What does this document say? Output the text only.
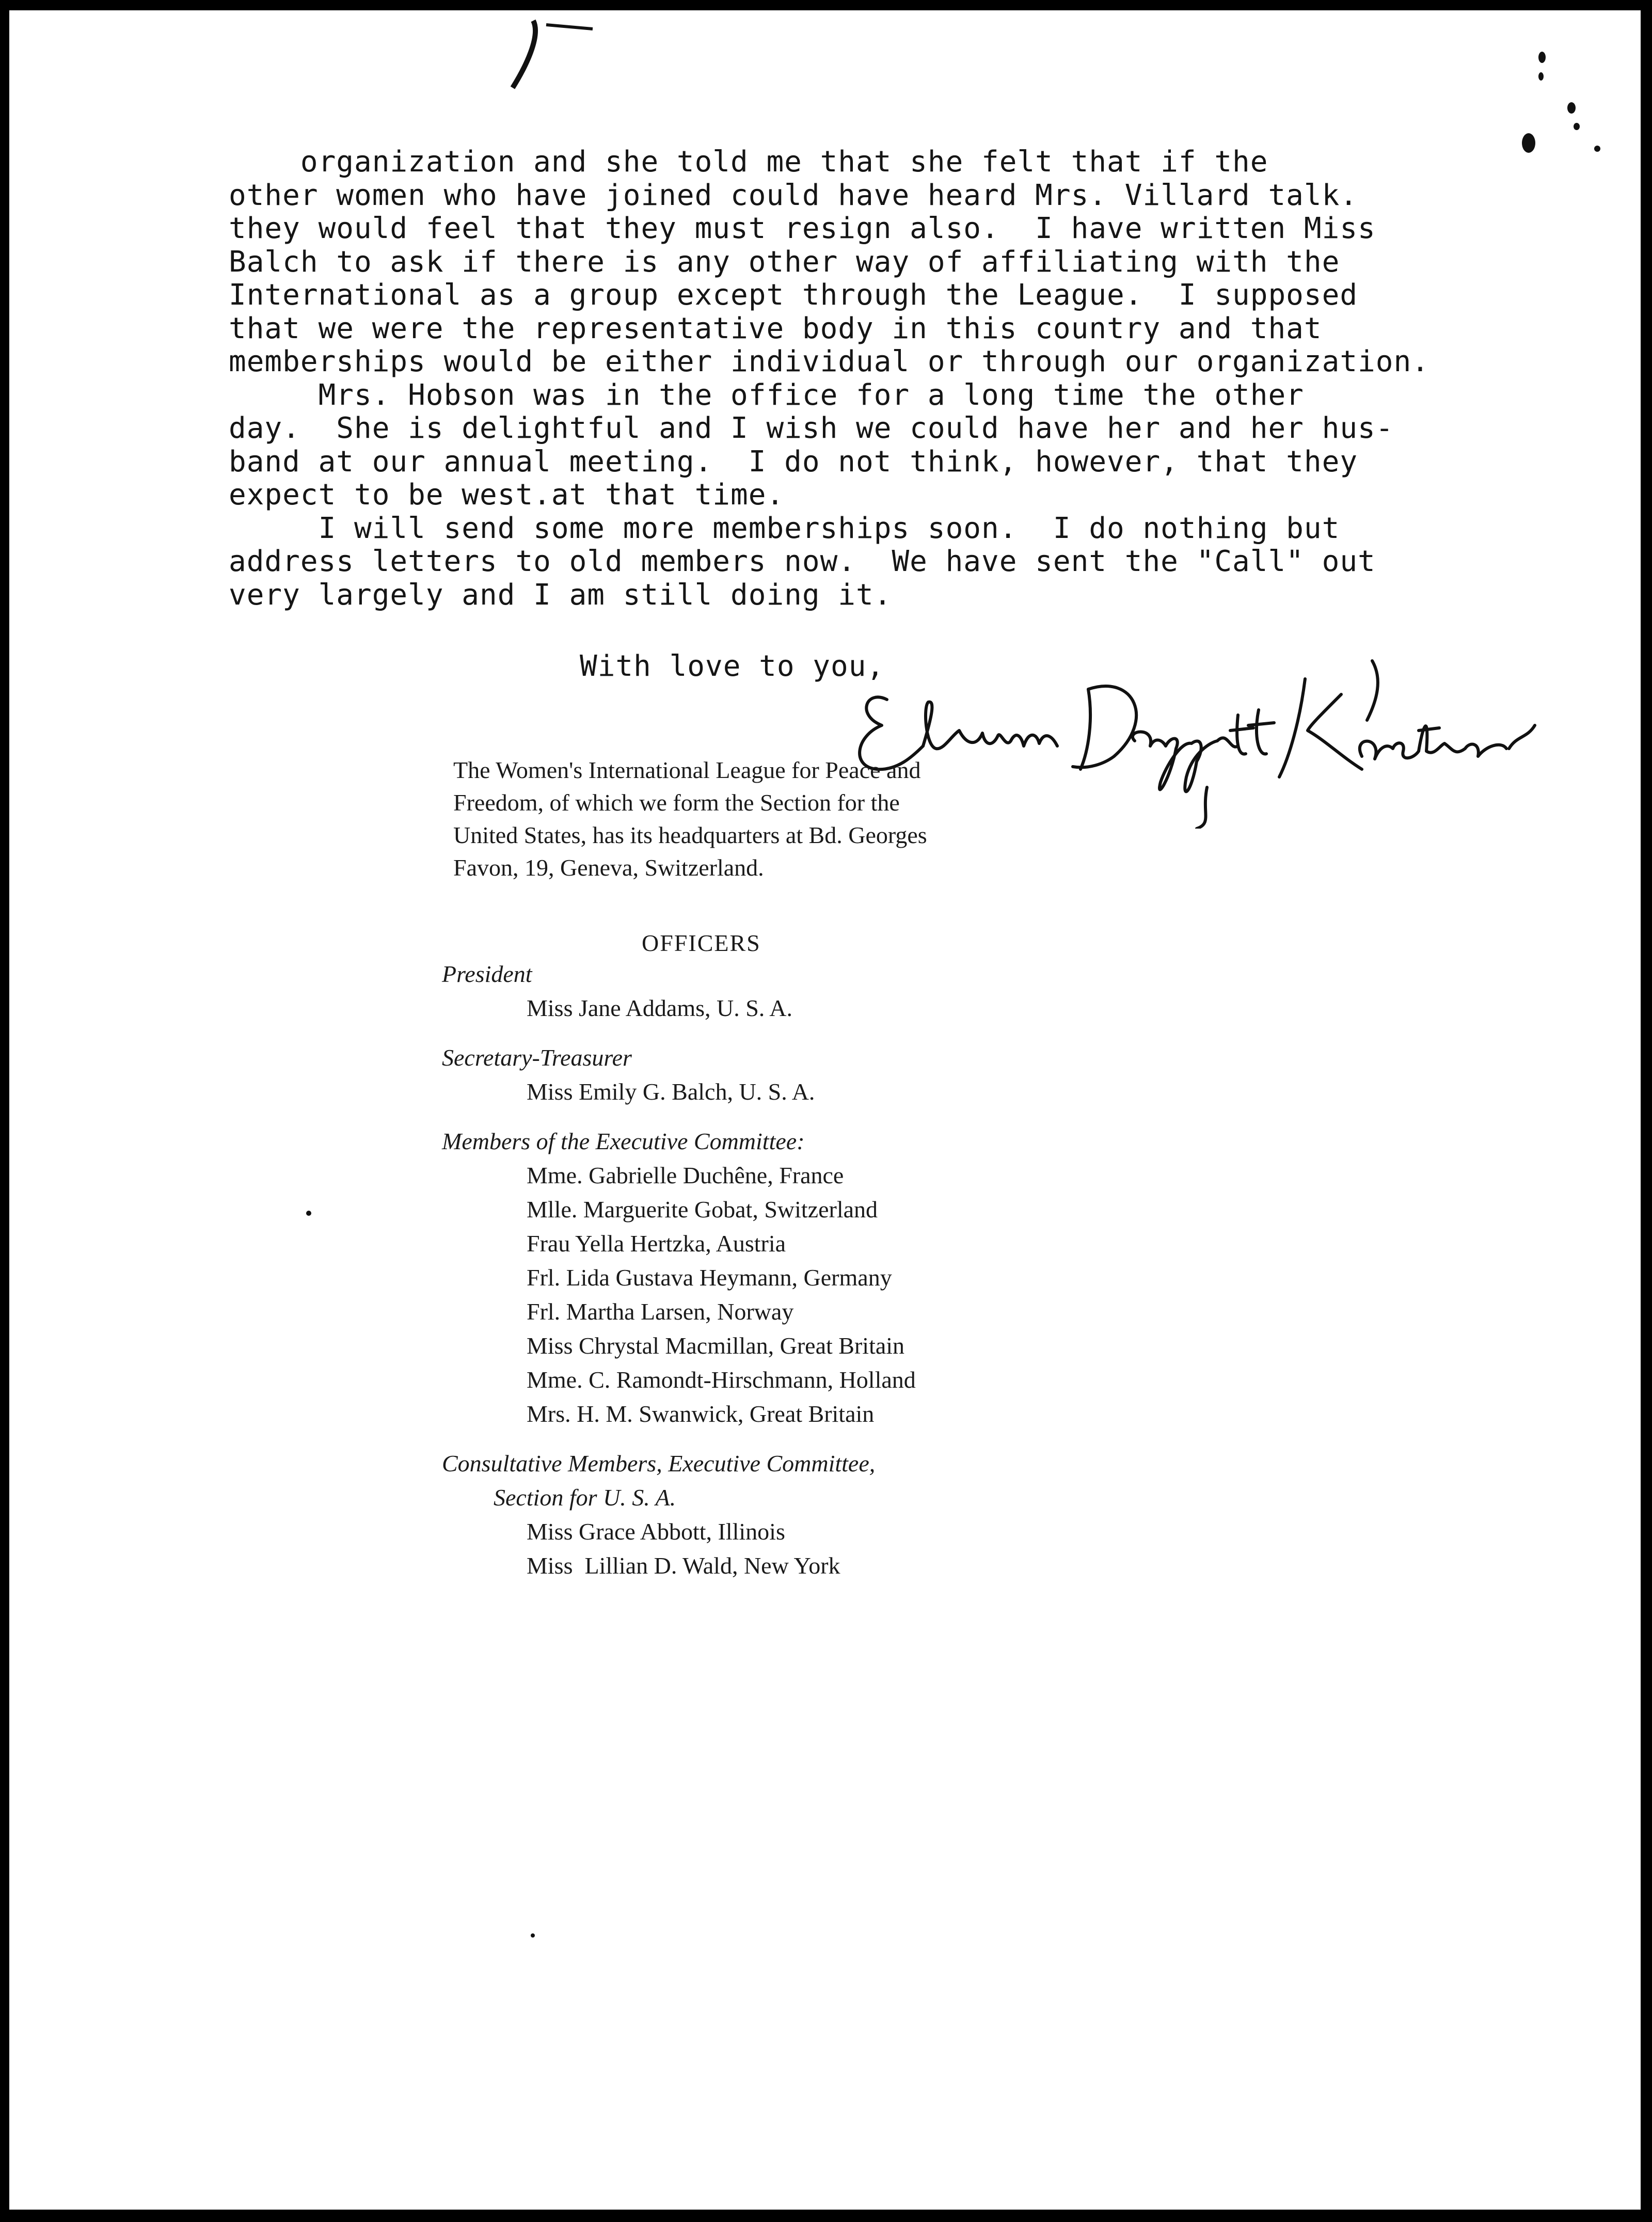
organization and she told me that she felt that if the

other women who have joined could have heard Mrs. Villard talk.

they would feel that they must resign also.  I have written Miss

Balch to ask if there is any other way of affiliating with the

International as a group except through the League.  I supposed

that we were the representative body in this country and that

memberships would be either individual or through our organization.

Mrs. Hobson was in the office for a long time the other

day.  She is delightful and I wish we could have her and her hus-

band at our annual meeting.  I do not think, however, that they

expect to be west.at that time.

I will send some more memberships soon.  I do nothing but

address letters to old members now.  We have sent the "Call" out

very largely and I am still doing it.

With love to you,
The Women's International League for Peace and
Freedom, of which we form the Section for the
United States, has its headquarters at Bd. Georges
Favon, 19, Geneva, Switzerland.
OFFICERS
President
Miss Jane Addams, U. S. A.
Secretary-Treasurer
Miss Emily G. Balch, U. S. A.
Members of the Executive Committee:
Mme. Gabrielle Duchêne, France
Mlle. Marguerite Gobat, Switzerland
Frau Yella Hertzka, Austria
Frl. Lida Gustava Heymann, Germany
Frl. Martha Larsen, Norway
Miss Chrystal Macmillan, Great Britain
Mme. C. Ramondt-Hirschmann, Holland
Mrs. H. M. Swanwick, Great Britain
Consultative Members, Executive Committee,
Section for U. S. A.
Miss Grace Abbott, Illinois
Miss  Lillian D. Wald, New York
